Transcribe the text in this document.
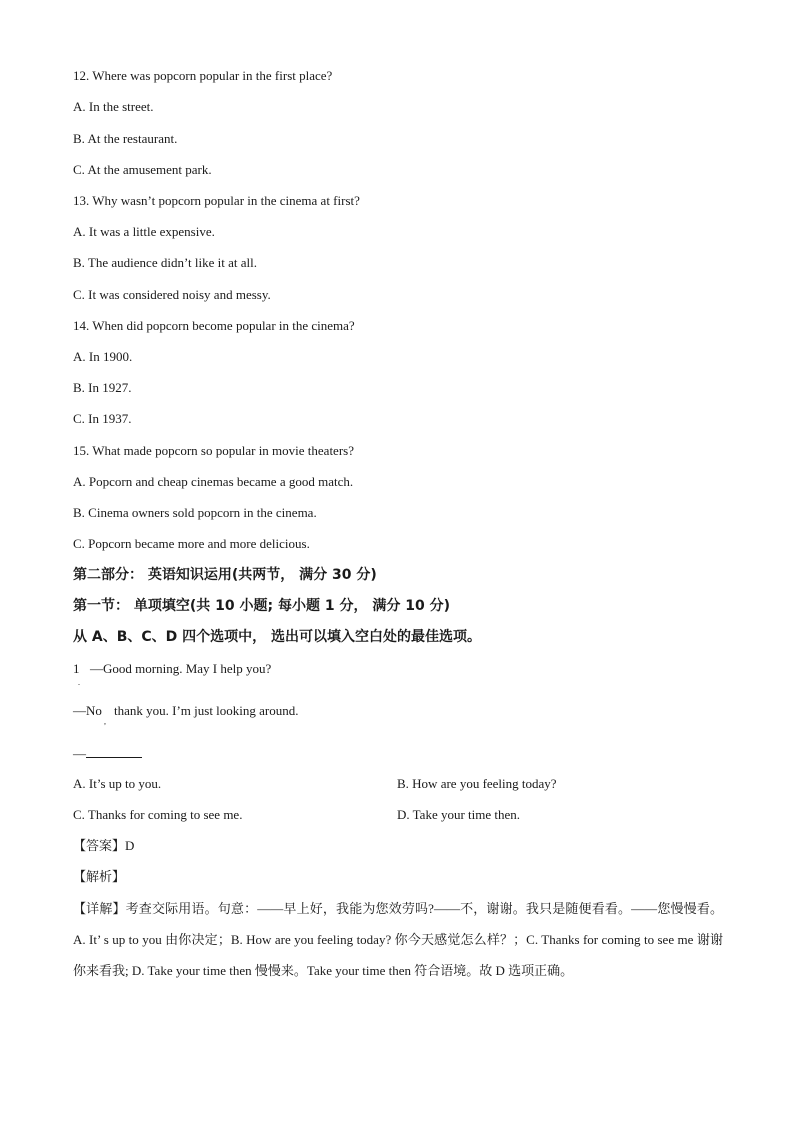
12. Where was popcorn popular in the first place?
A. In the street.
B. At the restaurant.
C. At the amusement park.
13. Why wasn’t popcorn popular in the cinema at first?
A. It was a little expensive.
B. The audience didn’t like it at all.
C. It was considered noisy and messy.
14. When did popcorn become popular in the cinema?
A. In 1900.
B. In 1927.
C. In 1937.
15. What made popcorn so popular in movie theaters?
A. Popcorn and cheap cinemas became a good match.
B. Cinema owners sold popcorn in the cinema.
C. Popcorn became more and more delicious.
第二部分： 英语知识运用(共两节， 满分 30 分)
第一节： 单项填空(共 10 小题; 每小题 1 分， 满分 10 分)
从 A、B、C、D 四个选项中， 选出可以填入空白处的最佳选项。
1
.
—Good morning. May I help you?
—No
,
thank you. I’m just looking around.
—
A. It’s up to you.	B. How are you feeling today?
C. Thanks for coming to see me.	D. Take your time then.
【答案】D
【解析】
【详解】考查交际用语。句意：——早上好，我能为您效劳吗?——不，谢谢。我只是随便看看。——您慢慢看。A. It’ s up to you 由你决定；B. How are you feeling today? 你今天感觉怎么样？；C. Thanks for coming to see me 谢谢你来看我; D. Take your time then 慢慢来。Take your time then 符合语境。故 D 选项正确。
